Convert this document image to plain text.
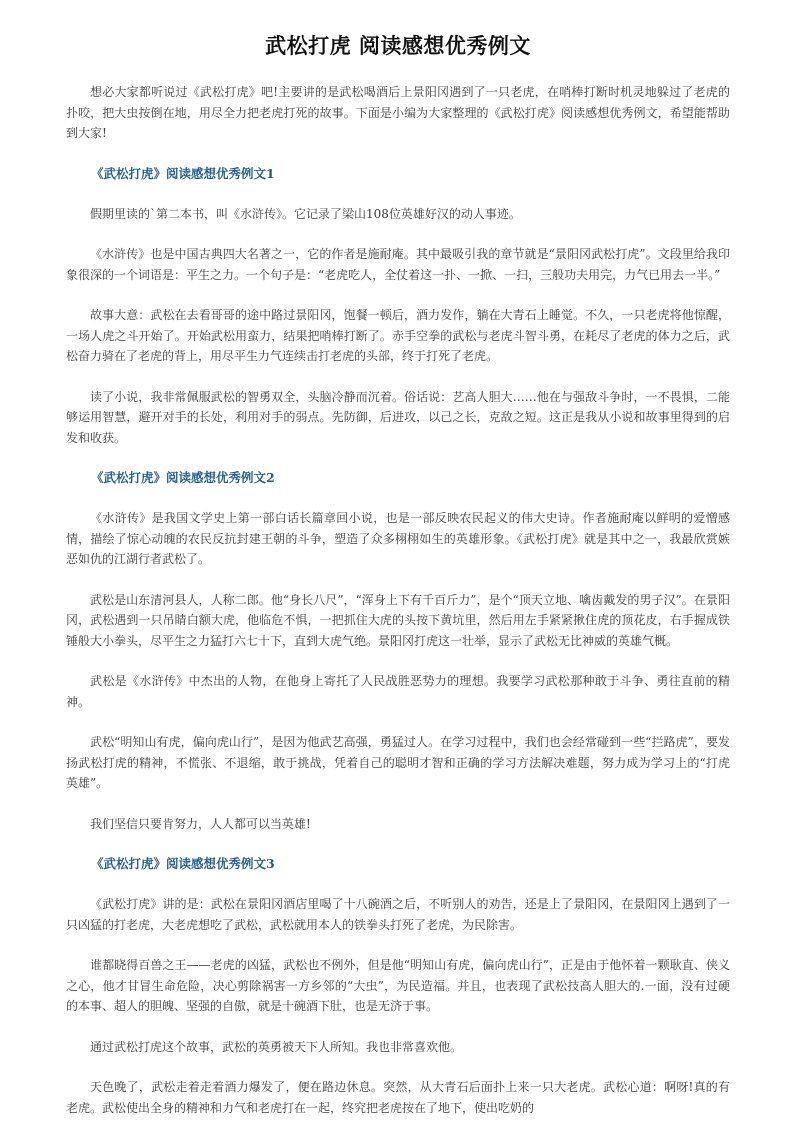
武松打虎 阅读感想优秀例文

想必大家都听说过《武松打虎》吧!主要讲的是武松喝酒后上景阳冈遇到了一只老虎，在哨棒打断时机灵地躲过了老虎的扑咬，把大虫按倒在地，用尽全力把老虎打死的故事。下面是小编为大家整理的《武松打虎》阅读感想优秀例文，希望能帮助到大家!

《武松打虎》阅读感想优秀例文1

假期里读的`第二本书，叫《水浒传》。它记录了梁山108位英雄好汉的动人事迹。

《水浒传》也是中国古典四大名著之一，它的作者是施耐庵。其中最吸引我的章节就是“景阳冈武松打虎”。文段里给我印象很深的一个词语是：平生之力。一个句子是：“老虎吃人，全仗着这一扑、一掀、一扫，三般功夫用完，力气已用去一半。”

故事大意：武松在去看哥哥的途中路过景阳冈，饱餐一顿后，酒力发作，躺在大青石上睡觉。不久，一只老虎将他惊醒，一场人虎之斗开始了。开始武松用蛮力，结果把哨棒打断了。赤手空拳的武松与老虎斗智斗勇，在耗尽了老虎的体力之后，武松奋力骑在了老虎的背上，用尽平生力气连续击打老虎的头部，终于打死了老虎。

读了小说，我非常佩服武松的智勇双全，头脑冷静而沉着。俗话说：艺高人胆大……他在与强敌斗争时，一不畏惧，二能够运用智慧，避开对手的长处，利用对手的弱点。先防御，后进攻，以己之长，克敌之短。这正是我从小说和故事里得到的启发和收获。

《武松打虎》阅读感想优秀例文2

《水浒传》是我国文学史上第一部白话长篇章回小说，也是一部反映农民起义的伟大史诗。作者施耐庵以鲜明的爱憎感情，描绘了惊心动魄的农民反抗封建王朝的斗争，塑造了众多栩栩如生的英雄形象。《武松打虎》就是其中之一，我最欣赏嫉恶如仇的江湖行者武松了。

武松是山东清河县人，人称二郎。他“身长八尺”，“浑身上下有千百斤力”，是个“顶天立地、噙齿戴发的男子汉”。在景阳冈，武松遇到一只吊睛白额大虎，他临危不惧，一把抓住大虎的头按下黄坑里，然后用左手紧紧揪住虎的顶花皮，右手握成铁锤般大小拳头，尽平生之力猛打六七十下，直到大虎气绝。景阳冈打虎这一壮举，显示了武松无比神威的英雄气概。

武松是《水浒传》中杰出的人物，在他身上寄托了人民战胜恶势力的理想。我要学习武松那种敢于斗争、勇往直前的精神。

武松“明知山有虎，偏向虎山行”，是因为他武艺高强，勇猛过人。在学习过程中，我们也会经常碰到一些“拦路虎”，要发扬武松打虎的精神，不慌张、不退缩，敢于挑战，凭着自己的聪明才智和正确的学习方法解决难题，努力成为学习上的“打虎英雄”。

我们坚信只要肯努力，人人都可以当英雄!

《武松打虎》阅读感想优秀例文3

《武松打虎》讲的是：武松在景阳冈酒店里喝了十八碗酒之后，不听别人的劝告，还是上了景阳冈，在景阳冈上遇到了一只凶猛的打老虎，大老虎想吃了武松，武松就用本人的铁拳头打死了老虎，为民除害。

谁都晓得百兽之王——老虎的凶猛，武松也不例外，但是他“明知山有虎，偏向虎山行”，正是由于他怀着一颗耿直、侠义之心，他才甘冒生命危险，决心剪除祸害一方乡邻的“大虫”，为民造福。并且，也表现了武松技高人胆大的.一面，没有过硬的本事、超人的胆魄、坚强的自傲，就是十碗酒下肚，也是无济于事。

通过武松打虎这个故事，武松的英勇被天下人所知。我也非常喜欢他。

天色晚了，武松走着走着酒力爆发了，便在路边休息。突然，从大青石后面扑上来一只大老虎。武松心道：啊呀!真的有老虎。武松使出全身的精神和力气和老虎打在一起，终究把老虎按在了地下，使出吃奶的
